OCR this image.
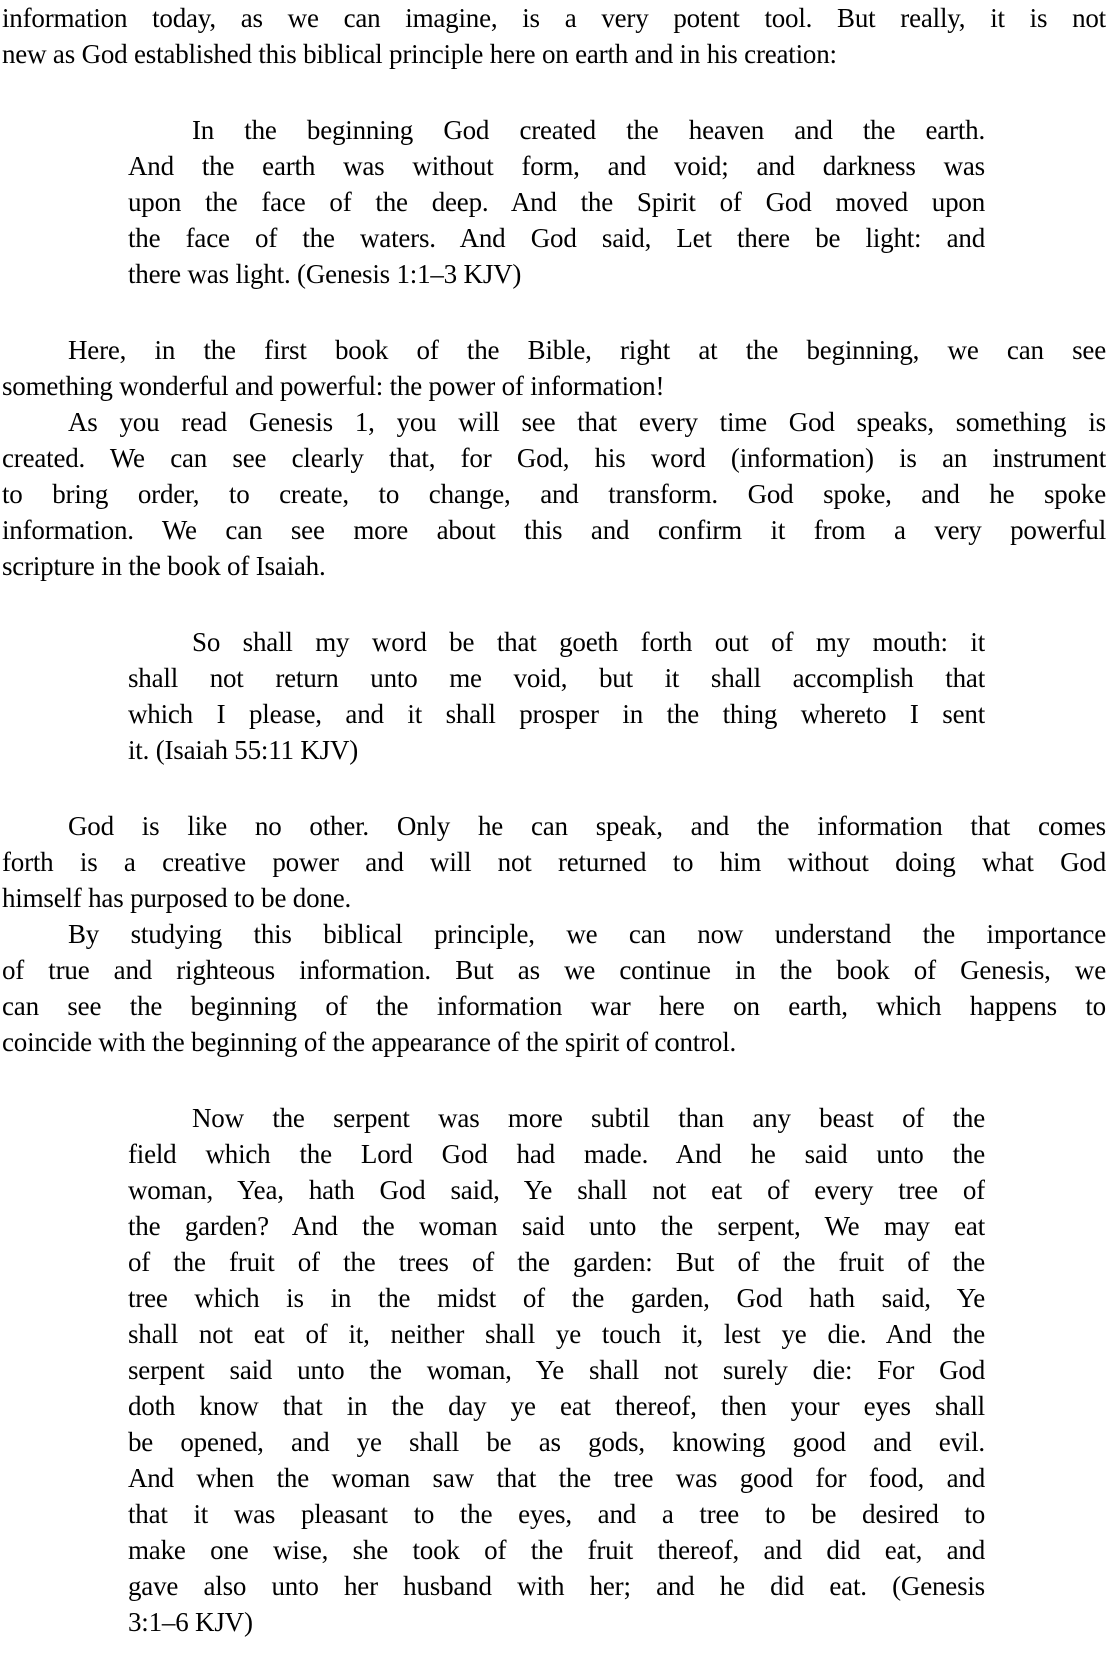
information today, as we can imagine, is a very potent tool. But really, it is not
new as God established this biblical principle here on earth and in his creation:
In the beginning God created the heaven and the earth.
And the earth was without form, and void; and darkness was
upon the face of the deep. And the Spirit of God moved upon
the face of the waters. And God said, Let there be light: and
there was light. (Genesis 1:1–3 KJV)
Here, in the first book of the Bible, right at the beginning, we can see
something wonderful and powerful: the power of information!
As you read Genesis 1, you will see that every time God speaks, something is
created. We can see clearly that, for God, his word (information) is an instrument
to bring order, to create, to change, and transform. God spoke, and he spoke
information. We can see more about this and confirm it from a very powerful
scripture in the book of Isaiah.
So shall my word be that goeth forth out of my mouth: it
shall not return unto me void, but it shall accomplish that
which I please, and it shall prosper in the thing whereto I sent
it. (Isaiah 55:11 KJV)
God is like no other. Only he can speak, and the information that comes
forth is a creative power and will not returned to him without doing what God
himself has purposed to be done.
By studying this biblical principle, we can now understand the importance
of true and righteous information. But as we continue in the book of Genesis, we
can see the beginning of the information war here on earth, which happens to
coincide with the beginning of the appearance of the spirit of control.
Now the serpent was more subtil than any beast of the
field which the Lord God had made. And he said unto the
woman, Yea, hath God said, Ye shall not eat of every tree of
the garden? And the woman said unto the serpent, We may eat
of the fruit of the trees of the garden: But of the fruit of the
tree which is in the midst of the garden, God hath said, Ye
shall not eat of it, neither shall ye touch it, lest ye die. And the
serpent said unto the woman, Ye shall not surely die: For God
doth know that in the day ye eat thereof, then your eyes shall
be opened, and ye shall be as gods, knowing good and evil.
And when the woman saw that the tree was good for food, and
that it was pleasant to the eyes, and a tree to be desired to
make one wise, she took of the fruit thereof, and did eat, and
gave also unto her husband with her; and he did eat. (Genesis
3:1–6 KJV)
